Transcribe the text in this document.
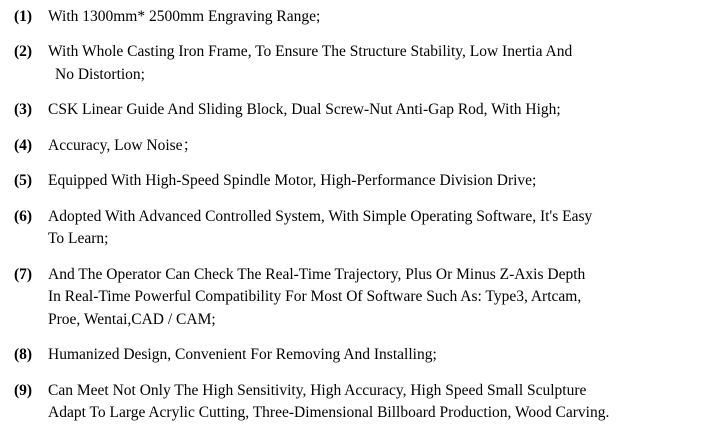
(1)	With 1300mm* 2500mm Engraving Range;
(2)	With Whole Casting Iron Frame, To Ensure The Structure Stability, Low Inertia And
No Distortion;
(3)	CSK Linear Guide And Sliding Block, Dual Screw-Nut Anti-Gap Rod, With High;
(4)	Accuracy, Low Noise；
(5)	Equipped With High-Speed Spindle Motor, High-Performance Division Drive;
(6)	Adopted With Advanced Controlled System, With Simple Operating Software, It's Easy
To Learn;
(7)	And The Operator Can Check The Real-Time Trajectory, Plus Or Minus Z-Axis Depth
In Real-Time Powerful Compatibility For Most Of Software Such As: Type3, Artcam,
Proe, Wentai,CAD / CAM;
(8)	Humanized Design, Convenient For Removing And Installing;
(9)	Can Meet Not Only The High Sensitivity, High Accuracy, High Speed Small Sculpture
Adapt To Large Acrylic Cutting, Three-Dimensional Billboard Production, Wood Carving.
